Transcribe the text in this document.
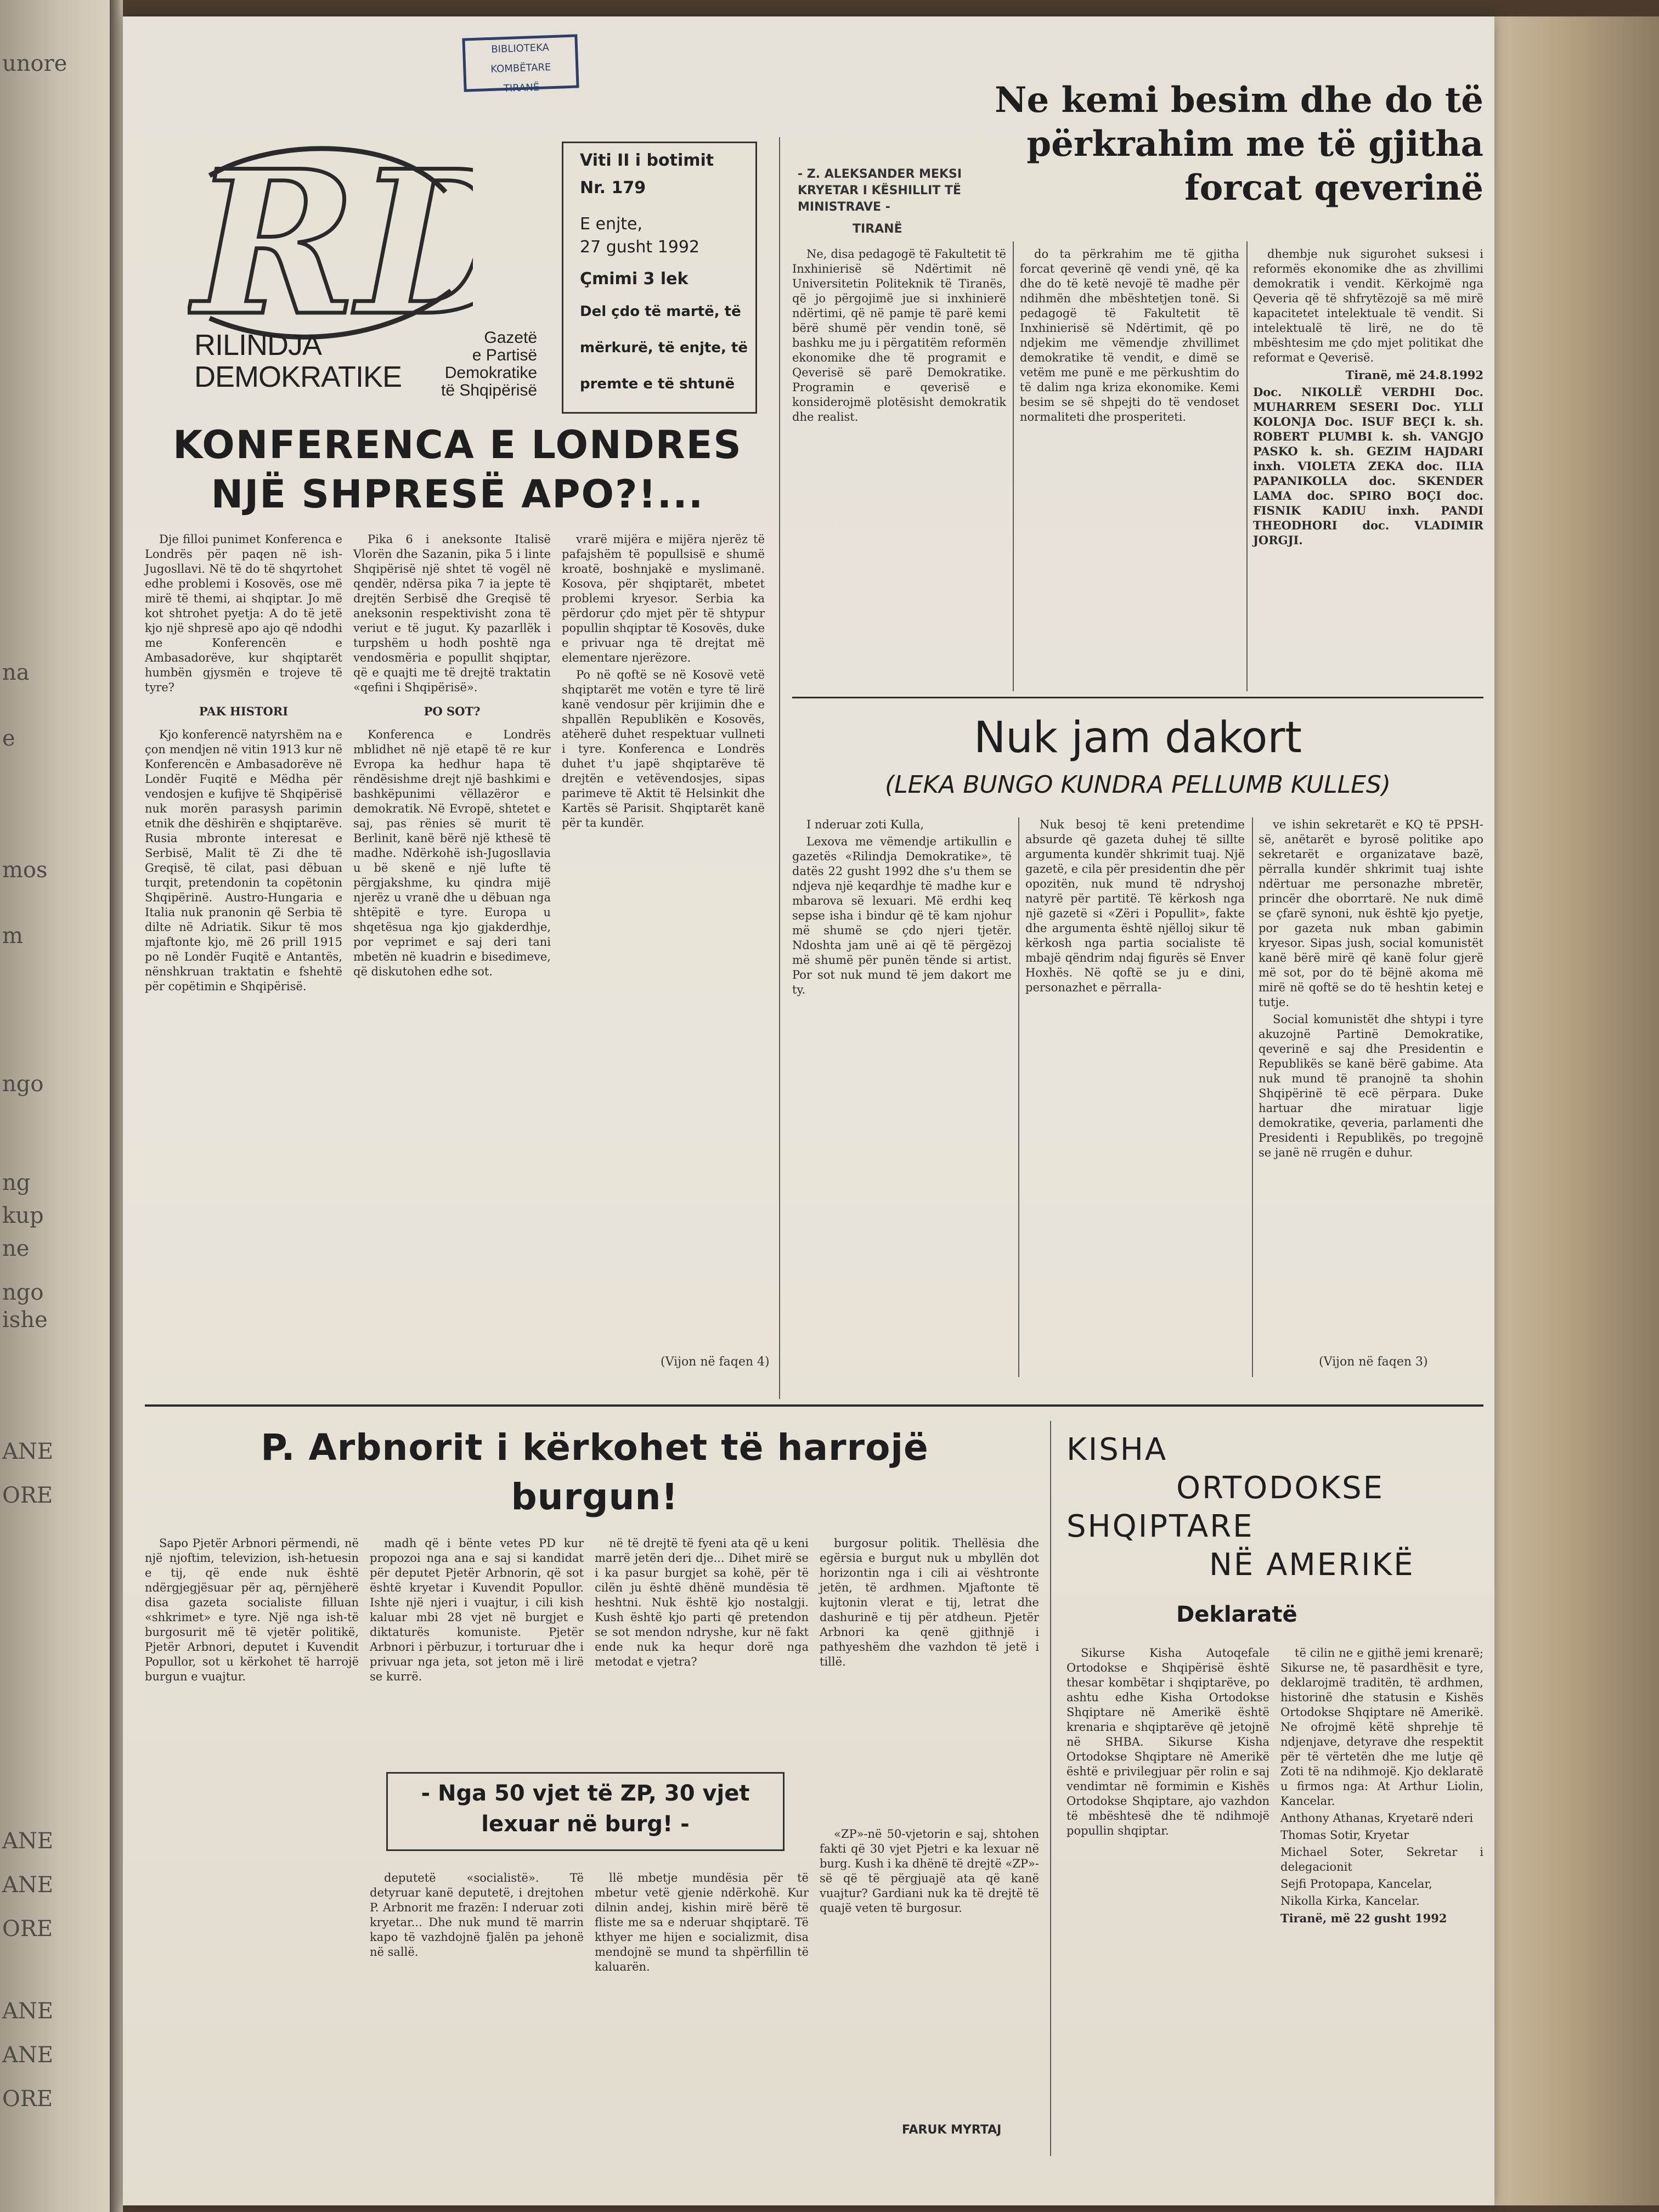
unore
na
e
mos
m
ngo
ng
kup
ne
ngo
ishe
ANE
ORE
ANE
ANE
ORE
ANE
ANE
ORE
BIBLIOTEKA KOMBËTARE
TIRANË
R
RILINDJA
DEMOKRATIKE
Gazetë
e Partisë
Demokratike
të Shqipërisë
Viti II i botimit
Nr. 179
E enjte,
27 gusht 1992
Çmimi 3 lek
Del çdo të martë, të
mërkurë, të enjte, të
premte e të shtunë
KONFERENCA E LONDRES
NJË SHPRESË APO?!...

Dje filloi punimet Konferenca e Londrës për paqen në ish-Jugosllavi. Në të do të shqyrtohet edhe problemi i Kosovës, ose më mirë të themi, ai shqiptar. Jo më kot shtrohet pyetja: A do të jetë kjo një shpresë apo ajo që ndodhi me Konferencën e Ambasadorëve, kur shqiptarët humbën gjysmën e trojeve të tyre?

PAK HISTORI

Kjo konferencë natyrshëm na e çon mendjen në vitin 1913 kur në Konferencën e Ambasadorëve në Londër Fuqitë e Mëdha për vendosjen e kufijve të Shqipërisë nuk morën parasysh parimin etnik dhe dëshirën e shqiptarëve. Rusia mbronte interesat e Serbisë, Malit të Zi dhe të Greqisë, të cilat, pasi dëbuan turqit, pretendonin ta copëtonin Shqipërinë. Austro-Hungaria e Italia nuk pranonin që Serbia të dilte në Adriatik. Sikur të mos mjaftonte kjo, më 26 prill 1915 po në Londër Fuqitë e Antantës, nënshkruan traktatin e fshehtë për copëtimin e Shqipërisë.

Pika 6 i aneksonte Italisë Vlorën dhe Sazanin, pika 5 i linte Shqipërisë një shtet të vogël në qendër, ndërsa pika 7 ia jepte të drejtën Serbisë dhe Greqisë të aneksonin respektivisht zona të veriut e të jugut. Ky pazarllëk i turpshëm u hodh poshtë nga vendosmëria e popullit shqiptar, që e quajti me të drejtë traktatin «qefini i Shqipërisë».

PO SOT?

Konferenca e Londrës mblidhet në një etapë të re kur Evropa ka hedhur hapa të rëndësishme drejt një bashkimi e bashkëpunimi vëllazëror e demokratik. Në Evropë, shtetet e saj, pas rënies së murit të Berlinit, kanë bërë një kthesë të madhe. Ndërkohë ish-Jugosllavia u bë skenë e një lufte të përgjakshme, ku qindra mijë njerëz u vranë dhe u dëbuan nga shtëpitë e tyre. Europa u shqetësua nga kjo gjakderdhje, por veprimet e saj deri tani mbetën në kuadrin e bisedimeve, që diskutohen edhe sot.

vrarë mijëra e mijëra njerëz të pafajshëm të popullsisë e shumë kroatë, boshnjakë e myslimanë. Kosova, për shqiptarët, mbetet problemi kryesor. Serbia ka përdorur çdo mjet për të shtypur popullin shqiptar të Kosovës, duke e privuar nga të drejtat më elementare njerëzore.

Po në qoftë se në Kosovë vetë shqiptarët me votën e tyre të lirë kanë vendosur për krijimin dhe e shpallën Republikën e Kosovës, atëherë duhet respektuar vullneti i tyre. Konferenca e Londrës duhet t'u japë shqiptarëve të drejtën e vetëvendosjes, sipas parimeve të Aktit të Helsinkit dhe Kartës së Parisit. Shqiptarët kanë për ta kundër.

(Vijon në faqen 4)
Ne kemi besim dhe do të
përkrahim me të gjitha
forcat qeverinë
- Z. ALEKSANDER MEKSI
KRYETAR I KËSHILLIT TË
MINISTRAVE -
TIRANË

Ne, disa pedagogë të Fakultetit të Inxhinierisë së Ndërtimit në Universitetin Politeknik të Tiranës, që jo përgojimë jue si inxhinierë ndërtimi, që në pamje të parë kemi bërë shumë për vendin tonë, së bashku me ju i përgatitëm reformën ekonomike dhe të programit e Qeverisë së parë Demokratike. Programin e qeverisë e konsiderojmë plotësisht demokratik dhe realist.

do ta përkrahim me të gjitha forcat qeverinë që vendi ynë, që ka dhe do të ketë nevojë të madhe për ndihmën dhe mbështetjen tonë. Si pedagogë të Fakultetit të Inxhinierisë së Ndërtimit, që po ndjekim me vëmendje zhvillimet demokratike të vendit, e dimë se vetëm me punë e me përkushtim do të dalim nga kriza ekonomike. Kemi besim se së shpejti do të vendoset normaliteti dhe prosperiteti.

dhembje nuk sigurohet suksesi i reformës ekonomike dhe as zhvillimi demokratik i vendit. Kërkojmë nga Qeveria që të shfrytëzojë sa më mirë kapacitetet intelektuale të vendit. Si intelektualë të lirë, ne do të mbështesim me çdo mjet politikat dhe reformat e Qeverisë.

Tiranë, më 24.8.1992

Doc. NIKOLLË VERDHI Doc. MUHARREM SESERI Doc. YLLI KOLONJA Doc. ISUF BEÇI k. sh. ROBERT PLUMBI k. sh. VANGJO PASKO k. sh. GEZIM HAJDARI inxh. VIOLETA ZEKA doc. ILIA PAPANIKOLLA doc. SKENDER LAMA doc. SPIRO BOÇI doc. FISNIK KADIU inxh. PANDI THEODHORI doc. VLADIMIR JORGJI.

Nuk jam dakort
(LEKA BUNGO KUNDRA PELLUMB KULLES)

I nderuar zoti Kulla,

Lexova me vëmendje artikullin e gazetës «Rilindja Demokratike», të datës 22 gusht 1992 dhe s'u them se ndjeva një keqardhje të madhe kur e mbarova së lexuari. Më erdhi keq sepse isha i bindur që të kam njohur më shumë se çdo njeri tjetër. Ndoshta jam unë ai që të përgëzoj më shumë për punën tënde si artist. Por sot nuk mund të jem dakort me ty.

Nuk besoj të keni pretendime absurde që gazeta duhej të sillte argumenta kundër shkrimit tuaj. Një gazetë, e cila për presidentin dhe për opozitën, nuk mund të ndryshoj natyrë për partitë. Të kërkosh nga një gazetë si «Zëri i Popullit», fakte dhe argumenta është njëlloj sikur të kërkosh nga partia socialiste të mbajë qëndrim ndaj figurës së Enver Hoxhës. Në qoftë se ju e dini, personazhet e përralla-

ve ishin sekretarët e KQ të PPSH-së, anëtarët e byrosë politike apo sekretarët e organizatave bazë, përralla kundër shkrimit tuaj ishte ndërtuar me personazhe mbretër, princër dhe oborrtarë. Ne nuk dimë se çfarë synoni, nuk është kjo pyetje, por gazeta nuk mban gabimin kryesor. Sipas jush, social komunistët kanë bërë mirë që kanë folur gjerë më sot, por do të bëjnë akoma më mirë në qoftë se do të heshtin ketej e tutje.

Social komunistët dhe shtypi i tyre akuzojnë Partinë Demokratike, qeverinë e saj dhe Presidentin e Republikës se kanë bërë gabime. Ata nuk mund të pranojnë ta shohin Shqipërinë të ecë përpara. Duke hartuar dhe miratuar ligje demokratike, qeveria, parlamenti dhe Presidenti i Republikës, po tregojnë se janë në rrugën e duhur.

(Vijon në faqen 3)
P. Arbnorit i kërkohet të harrojë
burgun!

Sapo Pjetër Arbnori përmendi, në një njoftim, televizion, ish-hetuesin e tij, që ende nuk është ndërgjegjësuar për aq, përnjëherë disa gazeta socialiste filluan «shkrimet» e tyre. Një nga ish-të burgosurit më të vjetër politikë, Pjetër Arbnori, deputet i Kuvendit Popullor, sot u kërkohet të harrojë burgun e vuajtur.

madh që i bënte vetes PD kur propozoi nga ana e saj si kandidat për deputet Pjetër Arbnorin, që sot është kryetar i Kuvendit Popullor. Ishte një njeri i vuajtur, i cili kish kaluar mbi 28 vjet në burgjet e diktaturës komuniste. Pjetër Arbnori i përbuzur, i torturuar dhe i privuar nga jeta, sot jeton më i lirë se kurrë.

në të drejtë të fyeni ata që u keni marrë jetën deri dje... Dihet mirë se i ka pasur burgjet sa kohë, për të cilën ju është dhënë mundësia të heshtni. Nuk është kjo nostalgji. Kush është kjo parti që pretendon se sot mendon ndryshe, kur në fakt ende nuk ka hequr dorë nga metodat e vjetra?

burgosur politik. Thellësia dhe egërsia e burgut nuk u mbyllën dot horizontin nga i cili ai vështronte jetën, të ardhmen. Mjaftonte të kujtonin vlerat e tij, letrat dhe dashurinë e tij për atdheun. Pjetër Arbnori ka qenë gjithnjë i pathyeshëm dhe vazhdon të jetë i tillë.

- Nga 50 vjet të ZP, 30 vjet
lexuar në burg! -

deputetë «socialistë». Të detyruar kanë deputetë, i drejtohen P. Arbnorit me frazën: I nderuar zoti kryetar... Dhe nuk mund të marrin kapo të vazhdojnë fjalën pa jehonë në sallë.

llë mbetje mundësia për të mbetur vetë gjenie ndërkohë. Kur dilnin andej, kishin mirë bërë të fliste me sa e nderuar shqiptarë. Të kthyer me hijen e socializmit, disa mendojnë se mund ta shpërfillin të kaluarën.

«ZP»-në 50-vjetorin e saj, shtohen fakti që 30 vjet Pjetri e ka lexuar në burg. Kush i ka dhënë të drejtë «ZP»-së që të përgjuajë ata që kanë vuajtur? Gardiani nuk ka të drejtë të quajë veten të burgosur.

FARUK MYRTAJ
KISHA
ORTODOKSE
SHQIPTARE
NË AMERIKË
Deklaratë

Sikurse Kisha Autoqefale Ortodokse e Shqipërisë është thesar kombëtar i shqiptarëve, po ashtu edhe Kisha Ortodokse Shqiptare në Amerikë është krenaria e shqiptarëve që jetojnë në SHBA. Sikurse Kisha Ortodokse Shqiptare në Amerikë është e privilegjuar për rolin e saj vendimtar në formimin e Kishës Ortodokse Shqiptare, ajo vazhdon të mbështesë dhe të ndihmojë popullin shqiptar.

të cilin ne e gjithë jemi krenarë; Sikurse ne, të pasardhësit e tyre, deklarojmë traditën, të ardhmen, historinë dhe statusin e Kishës Ortodokse Shqiptare në Amerikë. Ne ofrojmë këtë shprehje të ndjenjave, detyrave dhe respektit për të vërtetën dhe me lutje që Zoti të na ndihmojë. Kjo deklaratë u firmos nga: At Arthur Liolin, Kancelar.

Anthony Athanas, Kryetarë nderi

Thomas Sotir, Kryetar

Michael Soter, Sekretar i delegacionit

Sejfi Protopapa, Kancelar,

Nikolla Kirka, Kancelar.

Tiranë, më 22 gusht 1992
